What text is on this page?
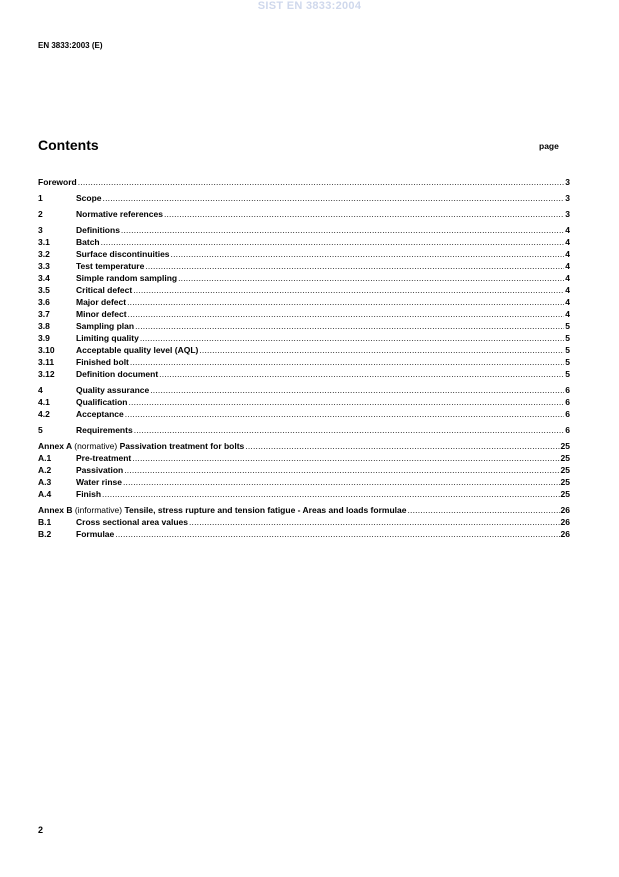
SIST EN 3833:2004
EN 3833:2003 (E)
Contents	page
Foreword .....	3
1	Scope .....	3
2	Normative references .....	3
3	Definitions .....	4
3.1	Batch .....	4
3.2	Surface discontinuities .....	4
3.3	Test temperature .....	4
3.4	Simple random sampling .....	4
3.5	Critical defect .....	4
3.6	Major defect .....	4
3.7	Minor defect .....	4
3.8	Sampling plan .....	5
3.9	Limiting quality .....	5
3.10	Acceptable quality level (AQL) .....	5
3.11	Finished bolt .....	5
3.12	Definition document .....	5
4	Quality assurance .....	6
4.1	Qualification .....	6
4.2	Acceptance .....	6
5	Requirements .....	6
Annex A (normative) Passivation treatment for bolts .....	25
A.1	Pre-treatment .....	25
A.2	Passivation .....	25
A.3	Water rinse .....	25
A.4	Finish .....	25
Annex B (informative) Tensile, stress rupture and tension fatigue - Areas and loads formulae .....	26
B.1	Cross sectional area values .....	26
B.2	Formulae .....	26
2
